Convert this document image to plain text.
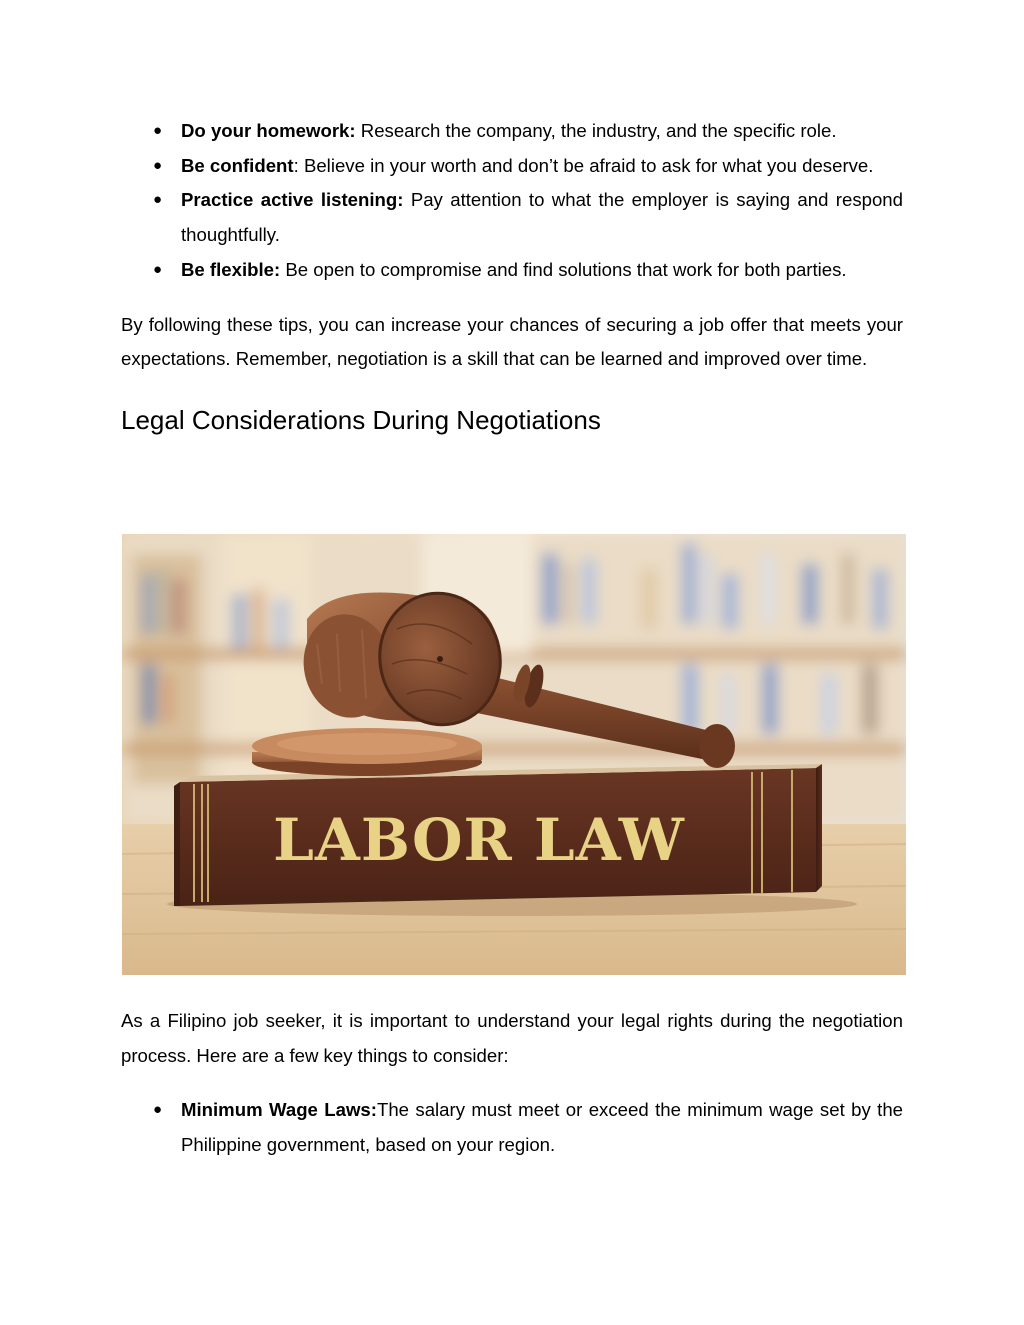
● Do your homework: Research the company, the industry, and the specific role.
● Be confident: Believe in your worth and don’t be afraid to ask for what you deserve.
● Practice active listening: Pay attention to what the employer is saying and respond thoughtfully.
● Be flexible: Be open to compromise and find solutions that work for both parties.

By following these tips, you can increase your chances of securing a job offer that meets your expectations. Remember, negotiation is a skill that can be learned and improved over time.

Legal Considerations During Negotiations
LABOR LAW

As a Filipino job seeker, it is important to understand your legal rights during the negotiation process. Here are a few key things to consider:

● Minimum Wage Laws:The salary must meet or exceed the minimum wage set by the Philippine government, based on your region.
